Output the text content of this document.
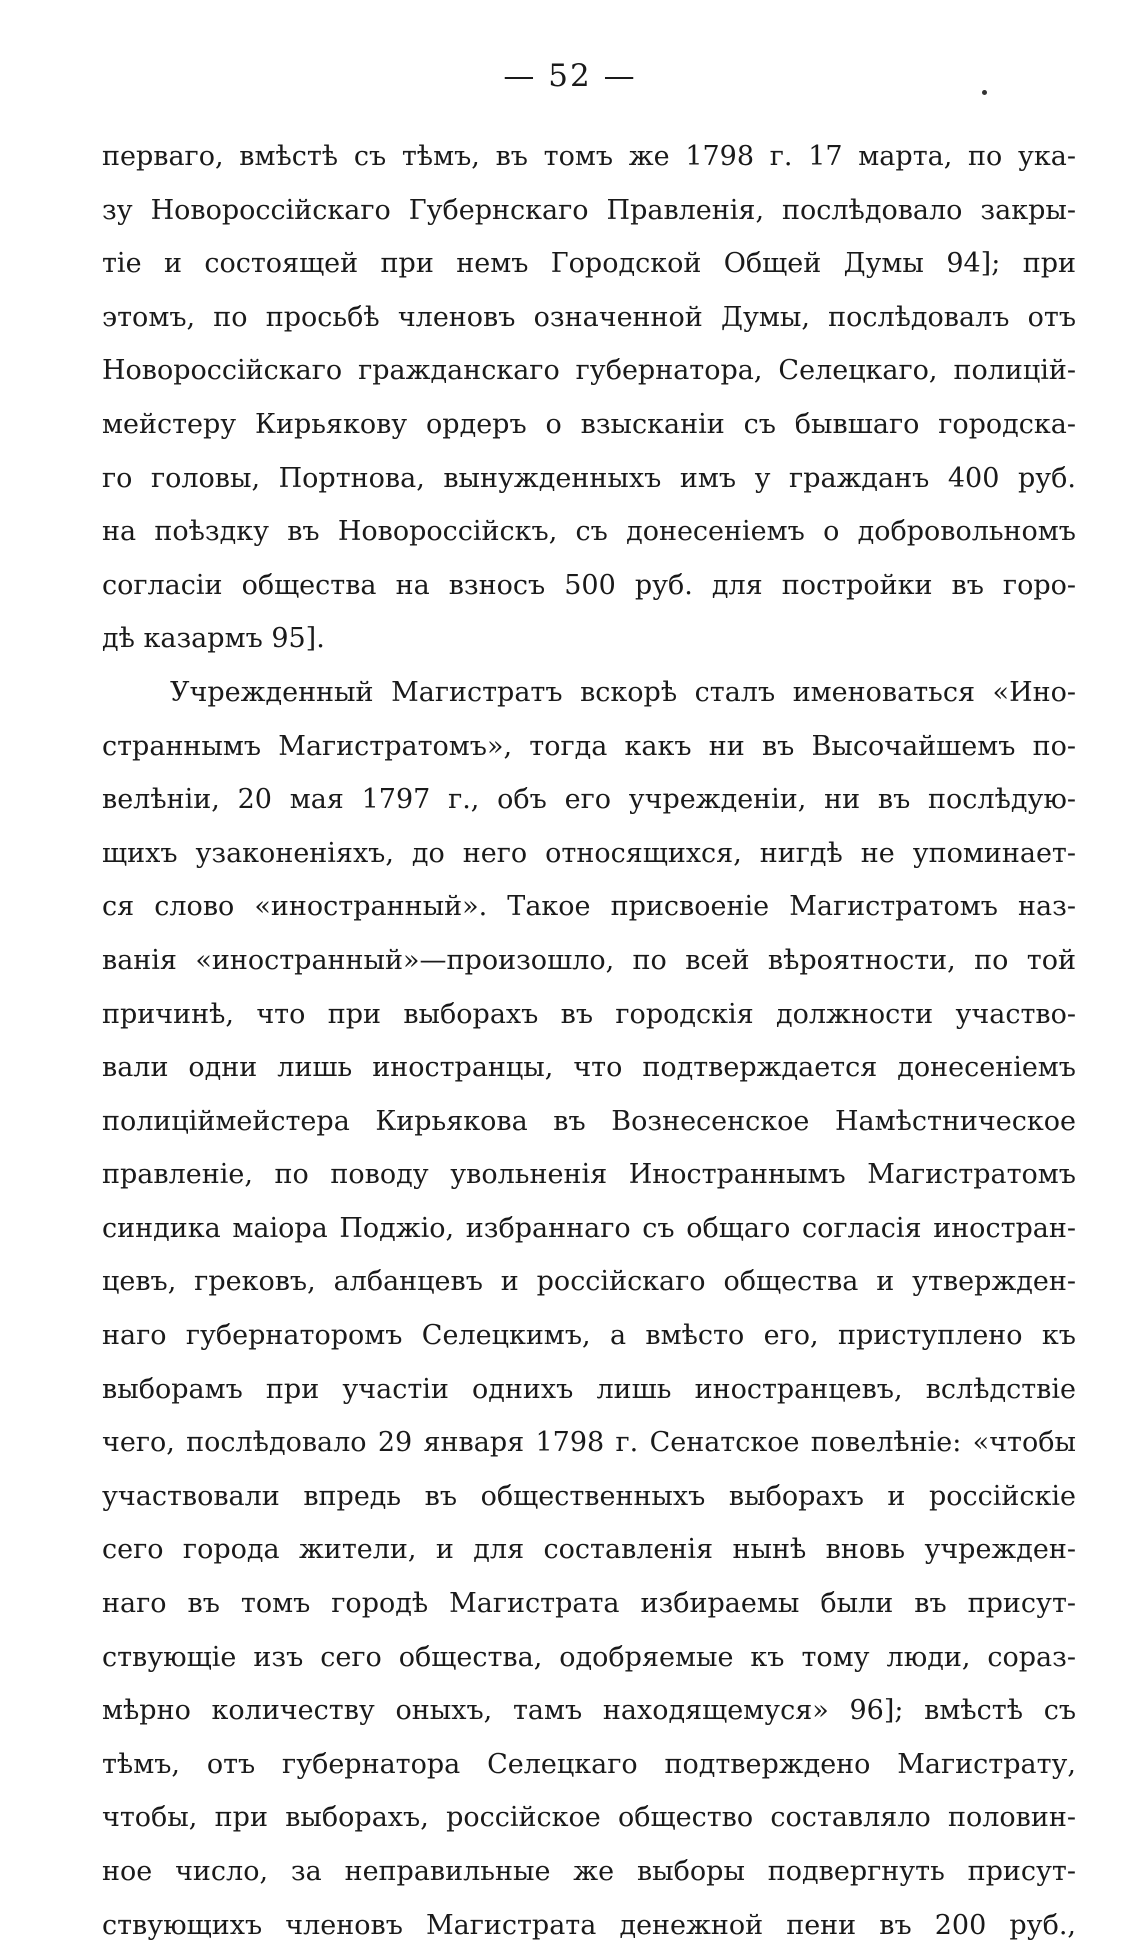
— 52 —
перваго, вмѣстѣ съ тѣмъ, въ томъ же 1798 г. 17 марта, по ука-
зу Новороссійскаго Губернскаго Правленія, послѣдовало закры-
тіе и состоящей при немъ Городской Общей Думы 94]; при
этомъ, по просьбѣ членовъ означенной Думы, послѣдовалъ отъ
Новороссійскаго гражданскаго губернатора, Селецкаго, полицій-
мейстеру Кирьякову ордеръ о взысканіи съ бывшаго городска-
го головы, Портнова, вынужденныхъ имъ у гражданъ 400 руб.
на поѣздку въ Новороссійскъ, съ донесеніемъ о добровольномъ
согласіи общества на взносъ 500 руб. для постройки въ горо-
дѣ казармъ 95].
Учрежденный Магистратъ вскорѣ сталъ именоваться «Ино-
страннымъ Магистратомъ», тогда какъ ни въ Высочайшемъ по-
велѣніи, 20 мая 1797 г., объ его учрежденіи, ни въ послѣдую-
щихъ узаконеніяхъ, до него относящихся, нигдѣ не упоминает-
ся слово «иностранный». Такое присвоеніе Магистратомъ наз-
ванія «иностранный»—произошло, по всей вѣроятности, по той
причинѣ, что при выборахъ въ городскія должности участво-
вали одни лишь иностранцы, что подтверждается донесеніемъ
полицiймейстера Кирьякова въ Вознесенское Намѣстническое
правленіе, по поводу увольненія Иностраннымъ Магистратомъ
синдика маіора Поджіо, избраннаго съ общаго согласія иностран-
цевъ, грековъ, албанцевъ и россійскаго общества и утвержден-
наго губернаторомъ Селецкимъ, а вмѣсто его, приступлено къ
выборамъ при участіи однихъ лишь иностранцевъ, вслѣдствіе
чего, послѣдовало 29 января 1798 г. Сенатское повелѣніе: «чтобы
участвовали впредь въ общественныхъ выборахъ и россійскіе
сего города жители, и для составленія нынѣ вновь учрежден-
наго въ томъ городѣ Магистрата избираемы были въ присут-
ствующіе изъ сего общества, одобряемые къ тому люди, сораз-
мѣрно количеству оныхъ, тамъ находящемуся» 96]; вмѣстѣ съ
тѣмъ, отъ губернатора Селецкаго подтверждено Магистрату,
чтобы, при выборахъ, россійское общество составляло половин-
ное число, за неправильные же выборы подвергнуть присут-
ствующихъ членовъ Магистрата денежной пени въ 200 руб.,
